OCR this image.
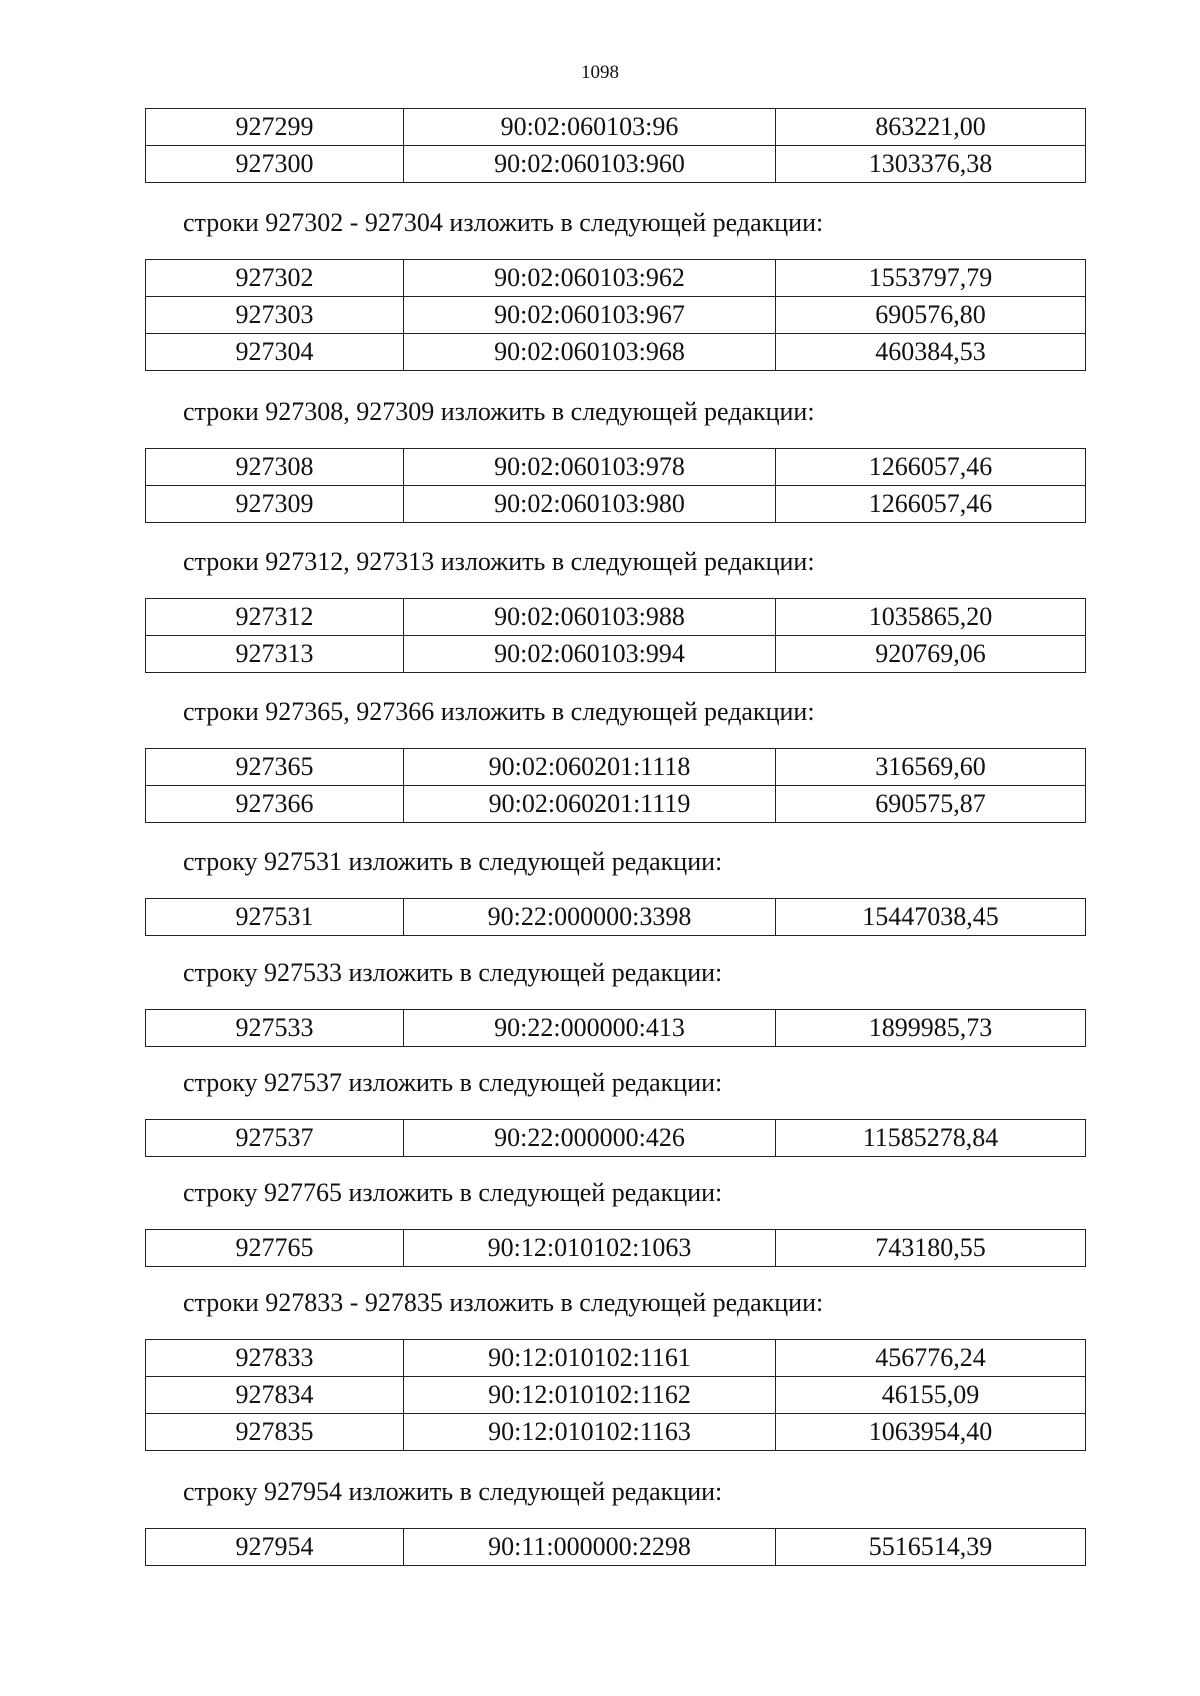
1098
927299	90:02:060103:96	863221,00
927300	90:02:060103:960	1303376,38
строки 927302 - 927304 изложить в следующей редакции:
927302	90:02:060103:962	1553797,79
927303	90:02:060103:967	690576,80
927304	90:02:060103:968	460384,53
строки 927308, 927309 изложить в следующей редакции:
927308	90:02:060103:978	1266057,46
927309	90:02:060103:980	1266057,46
строки 927312, 927313 изложить в следующей редакции:
927312	90:02:060103:988	1035865,20
927313	90:02:060103:994	920769,06
строки 927365, 927366 изложить в следующей редакции:
927365	90:02:060201:1118	316569,60
927366	90:02:060201:1119	690575,87
строку 927531 изложить в следующей редакции:
927531	90:22:000000:3398	15447038,45
строку 927533 изложить в следующей редакции:
927533	90:22:000000:413	1899985,73
строку 927537 изложить в следующей редакции:
927537	90:22:000000:426	11585278,84
строку 927765 изложить в следующей редакции:
927765	90:12:010102:1063	743180,55
строки 927833 - 927835 изложить в следующей редакции:
927833	90:12:010102:1161	456776,24
927834	90:12:010102:1162	46155,09
927835	90:12:010102:1163	1063954,40
строку 927954 изложить в следующей редакции:
927954	90:11:000000:2298	5516514,39
